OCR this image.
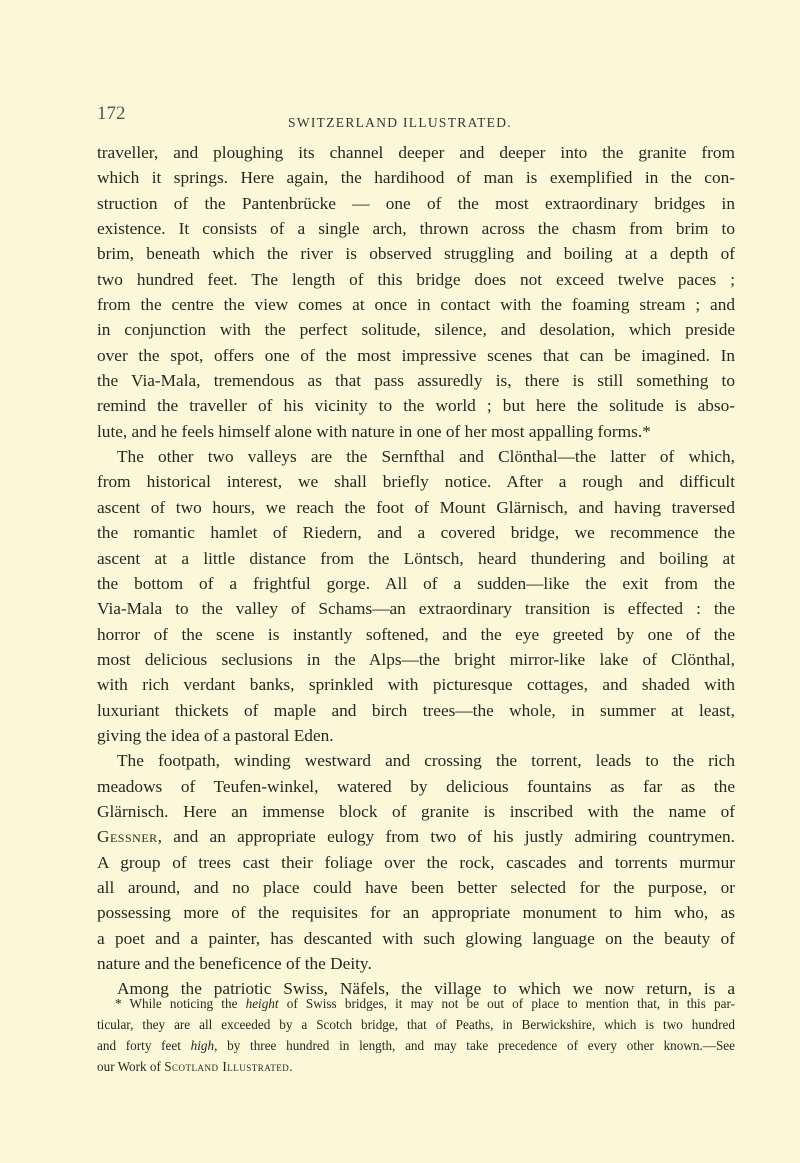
172	SWITZERLAND ILLUSTRATED.
traveller, and ploughing its channel deeper and deeper into the granite from
which it springs. Here again, the hardihood of man is exemplified in the con-
struction of the Pantenbrücke — one of the most extraordinary bridges in
existence. It consists of a single arch, thrown across the chasm from brim to
brim, beneath which the river is observed struggling and boiling at a depth of
two hundred feet. The length of this bridge does not exceed twelve paces ;
from the centre the view comes at once in contact with the foaming stream ; and
in conjunction with the perfect solitude, silence, and desolation, which preside
over the spot, offers one of the most impressive scenes that can be imagined. In
the Via-Mala, tremendous as that pass assuredly is, there is still something to
remind the traveller of his vicinity to the world ; but here the solitude is abso-
lute, and he feels himself alone with nature in one of her most appalling forms.*
The other two valleys are the Sernfthal and Clönthal—the latter of which,
from historical interest, we shall briefly notice. After a rough and difficult
ascent of two hours, we reach the foot of Mount Glärnisch, and having traversed
the romantic hamlet of Riedern, and a covered bridge, we recommence the
ascent at a little distance from the Löntsch, heard thundering and boiling at
the bottom of a frightful gorge. All of a sudden—like the exit from the
Via-Mala to the valley of Schams—an extraordinary transition is effected : the
horror of the scene is instantly softened, and the eye greeted by one of the
most delicious seclusions in the Alps—the bright mirror-like lake of Clönthal,
with rich verdant banks, sprinkled with picturesque cottages, and shaded with
luxuriant thickets of maple and birch trees—the whole, in summer at least,
giving the idea of a pastoral Eden.
The footpath, winding westward and crossing the torrent, leads to the rich
meadows of Teufen-winkel, watered by delicious fountains as far as the
Glärnisch. Here an immense block of granite is inscribed with the name of
Gessner, and an appropriate eulogy from two of his justly admiring countrymen.
A group of trees cast their foliage over the rock, cascades and torrents murmur
all around, and no place could have been better selected for the purpose, or
possessing more of the requisites for an appropriate monument to him who, as
a poet and a painter, has descanted with such glowing language on the beauty of
nature and the beneficence of the Deity.
Among the patriotic Swiss, Näfels, the village to which we now return, is a
* While noticing the height of Swiss bridges, it may not be out of place to mention that, in this par-
ticular, they are all exceeded by a Scotch bridge, that of Peaths, in Berwickshire, which is two hundred
and forty feet high, by three hundred in length, and may take precedence of every other known.—See
our Work of Scotland Illustrated.
